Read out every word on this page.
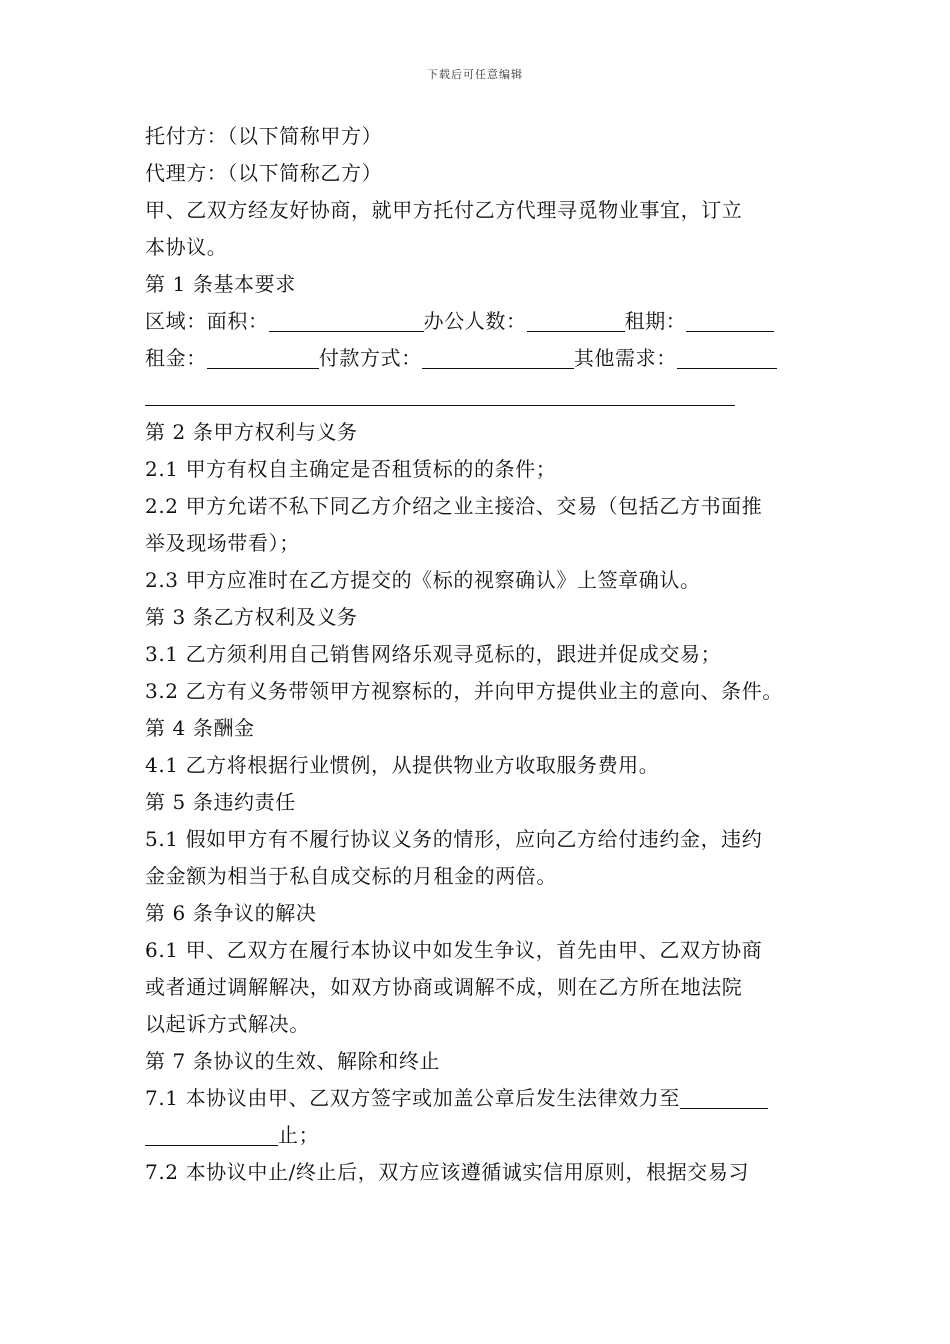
下载后可任意编辑
托付方：（以下简称甲方）
代理方：（以下简称乙方）
甲、乙双方经友好协商，就甲方托付乙方代理寻觅物业事宜，订立
本协议。
第 1 条基本要求
区域：面积：	办公人数：	租期：
租金：	付款方式：	其他需求：
第 2 条甲方权利与义务
2.1 甲方有权自主确定是否租赁标的的条件；
2.2 甲方允诺不私下同乙方介绍之业主接洽、交易（包括乙方书面推
举及现场带看）；
2.3 甲方应准时在乙方提交的《标的视察确认》上签章确认。
第 3 条乙方权利及义务
3.1 乙方须利用自己销售网络乐观寻觅标的，跟进并促成交易；
3.2 乙方有义务带领甲方视察标的，并向甲方提供业主的意向、条件。
第 4 条酬金
4.1 乙方将根据行业惯例，从提供物业方收取服务费用。
第 5 条违约责任
5.1 假如甲方有不履行协议义务的情形，应向乙方给付违约金，违约
金金额为相当于私自成交标的月租金的两倍。
第 6 条争议的解决
6.1 甲、乙双方在履行本协议中如发生争议，首先由甲、乙双方协商
或者通过调解解决，如双方协商或调解不成，则在乙方所在地法院
以起诉方式解决。
第 7 条协议的生效、解除和终止
7.1 本协议由甲、乙双方签字或加盖公章后发生法律效力至
止；
7.2 本协议中止/终止后，双方应该遵循诚实信用原则，根据交易习
